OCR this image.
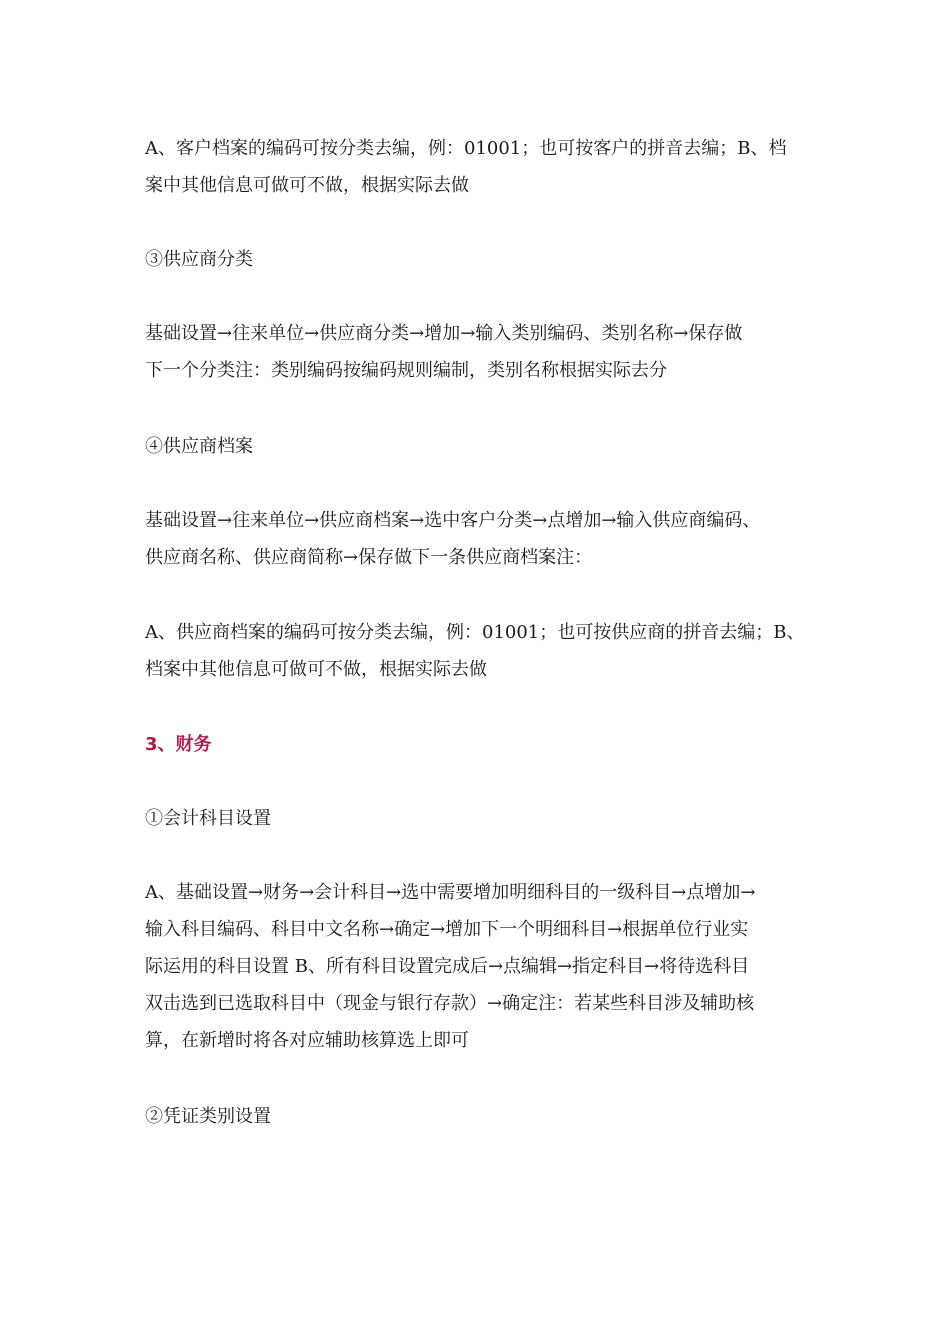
A、客户档案的编码可按分类去编，例：01001；也可按客户的拼音去编；B、档
案中其他信息可做可不做，根据实际去做
③供应商分类
基础设置→往来单位→供应商分类→增加→输入类别编码、类别名称→保存做
下一个分类注：类别编码按编码规则编制，类别名称根据实际去分
④供应商档案
基础设置→往来单位→供应商档案→选中客户分类→点增加→输入供应商编码、
供应商名称、供应商简称→保存做下一条供应商档案注：
A、供应商档案的编码可按分类去编，例：01001；也可按供应商的拼音去编；B、
档案中其他信息可做可不做，根据实际去做
3、财务
①会计科目设置
A、基础设置→财务→会计科目→选中需要增加明细科目的一级科目→点增加→
输入科目编码、科目中文名称→确定→增加下一个明细科目→根据单位行业实
际运用的科目设置 B、所有科目设置完成后→点编辑→指定科目→将待选科目
双击选到已选取科目中（现金与银行存款）→确定注：若某些科目涉及辅助核
算，在新增时将各对应辅助核算选上即可
②凭证类别设置
